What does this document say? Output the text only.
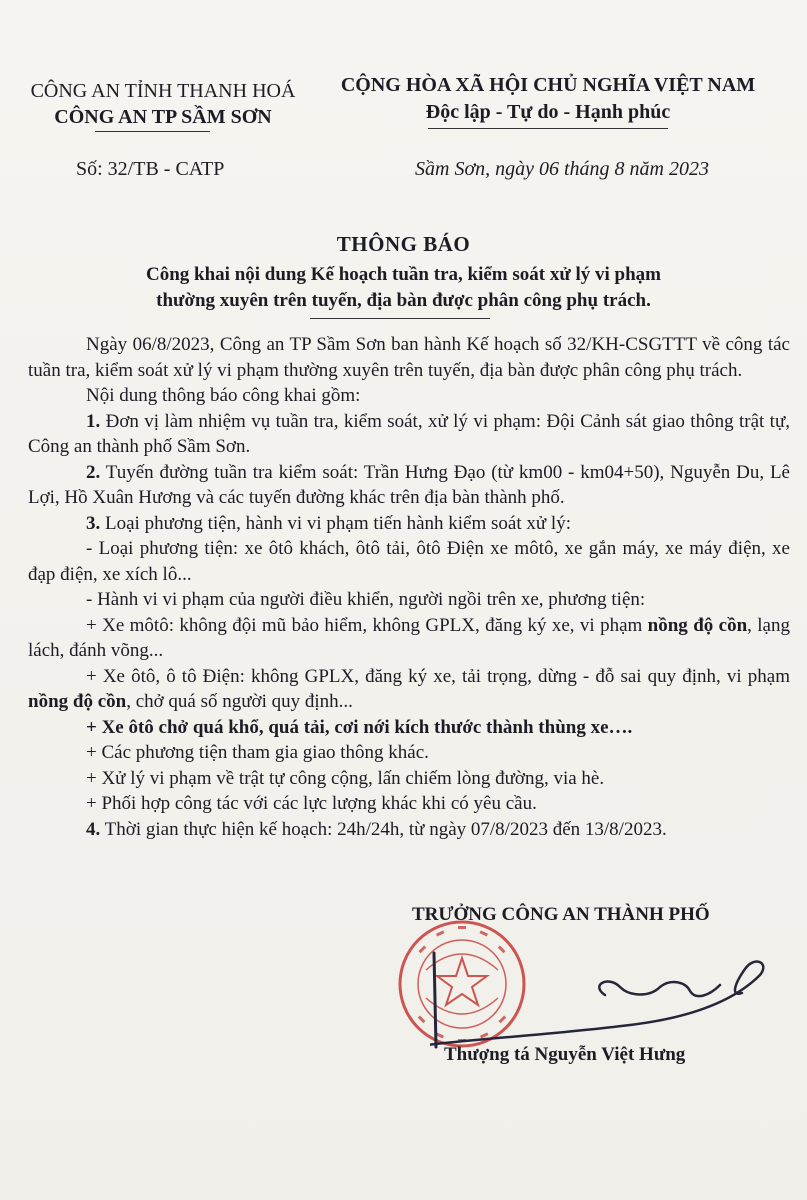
CÔNG AN TỈNH THANH HOÁ
CÔNG AN TP SẦM SƠN
CỘNG HÒA XÃ HỘI CHỦ NGHĨA VIỆT NAM
Độc lập - Tự do - Hạnh phúc
Số: 32/TB - CATP	Sầm Sơn, ngày 06 tháng 8 năm 2023
THÔNG BÁO
Công khai nội dung Kế hoạch tuần tra, kiểm soát xử lý vi phạm
thường xuyên trên tuyến, địa bàn được phân công phụ trách.

Ngày 06/8/2023, Công an TP Sầm Sơn ban hành Kế hoạch số 32/KH-CSGTTT về công tác tuần tra, kiểm soát xử lý vi phạm thường xuyên trên tuyến, địa bàn được phân công phụ trách.

Nội dung thông báo công khai gồm:

1. Đơn vị làm nhiệm vụ tuần tra, kiểm soát, xử lý vi phạm: Đội Cảnh sát giao thông trật tự, Công an thành phố Sầm Sơn.

2. Tuyến đường tuần tra kiểm soát: Trần Hưng Đạo (từ km00 - km04+50), Nguyễn Du, Lê Lợi, Hồ Xuân Hương và các tuyến đường khác trên địa bàn thành phố.

3. Loại phương tiện, hành vi vi phạm tiến hành kiểm soát xử lý:

- Loại phương tiện: xe ôtô khách, ôtô tải, ôtô Điện xe môtô, xe gắn máy, xe máy điện, xe đạp điện, xe xích lô...

- Hành vi vi phạm của người điều khiển, người ngồi trên xe, phương tiện:

+ Xe môtô: không đội mũ bảo hiểm, không GPLX, đăng ký xe, vi phạm nồng độ cồn, lạng lách, đánh võng...

+ Xe ôtô, ô tô Điện: không GPLX, đăng ký xe, tải trọng, dừng - đỗ sai quy định, vi phạm nồng độ cồn, chở quá số người quy định...

+ Xe ôtô chở quá khổ, quá tải, cơi nới kích thước thành thùng xe….

+ Các phương tiện tham gia giao thông khác.

+ Xử lý vi phạm về trật tự công cộng, lấn chiếm lòng đường, via hè.

+ Phối hợp công tác với các lực lượng khác khi có yêu cầu.

4. Thời gian thực hiện kế hoạch: 24h/24h, từ ngày 07/8/2023 đến 13/8/2023.

TRƯỞNG CÔNG AN THÀNH PHỐ
Thượng tá Nguyễn Việt Hưng
